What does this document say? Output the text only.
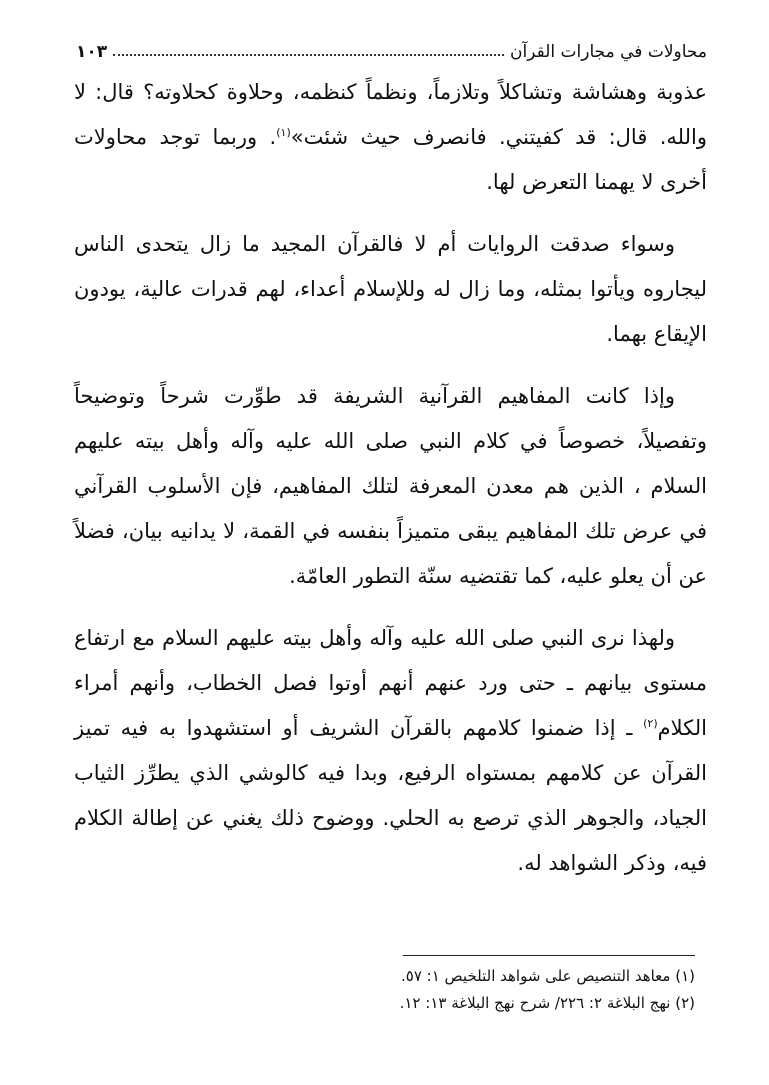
محاولات في مجارات القرآن
١٠٣

عذوبة وهشاشة وتشاكلاً وتلازماً، ونظماً كنظمه، وحلاوة كحلاوته؟ قال: لا والله. قال: قد كفيتني. فانصرف حيث شئت»$^{(١)}$. وربما توجد محاولات أخرى لا يهمنا التعرض لها.

وسواء صدقت الروايات أم لا فالقرآن المجيد ما زال يتحدى الناس ليجاروه ويأتوا بمثله، وما زال له وللإسلام أعداء، لهم قدرات عالية، يودون الإيقاع بهما.

وإذا كانت المفاهيم القرآنية الشريفة قد طوِّرت شرحاً وتوضيحاً وتفصيلاً، خصوصاً في كلام النبي صلى الله عليه وآله وأهل بيته عليهم السلام ، الذين هم معدن المعرفة لتلك المفاهيم، فإن الأسلوب القرآني في عرض تلك المفاهيم يبقى متميزاً بنفسه في القمة، لا يدانيه بيان، فضلاً عن أن يعلو عليه، كما تقتضيه سنّة التطور العامّة.

ولهذا نرى النبي صلى الله عليه وآله وأهل بيته عليهم السلام مع ارتفاع مستوى بيانهم ـ حتى ورد عنهم أنهم أوتوا فصل الخطاب، وأنهم أمراء الكلام$^{(٢)}$ ـ إذا ضمنوا كلامهم بالقرآن الشريف أو استشهدوا به فيه تميز القرآن عن كلامهم بمستواه الرفيع، وبدا فيه كالوشي الذي يطرِّز الثياب الجياد، والجوهر الذي ترصع به الحلي. ووضوح ذلك يغني عن إطالة الكلام فيه، وذكر الشواهد له.

(١) معاهد التنصيص على شواهد التلخيص ١: ٥٧.
(٢) نهج البلاغة ٢: ٢٢٦/ شرح نهج البلاغة ١٣: ١٢.
